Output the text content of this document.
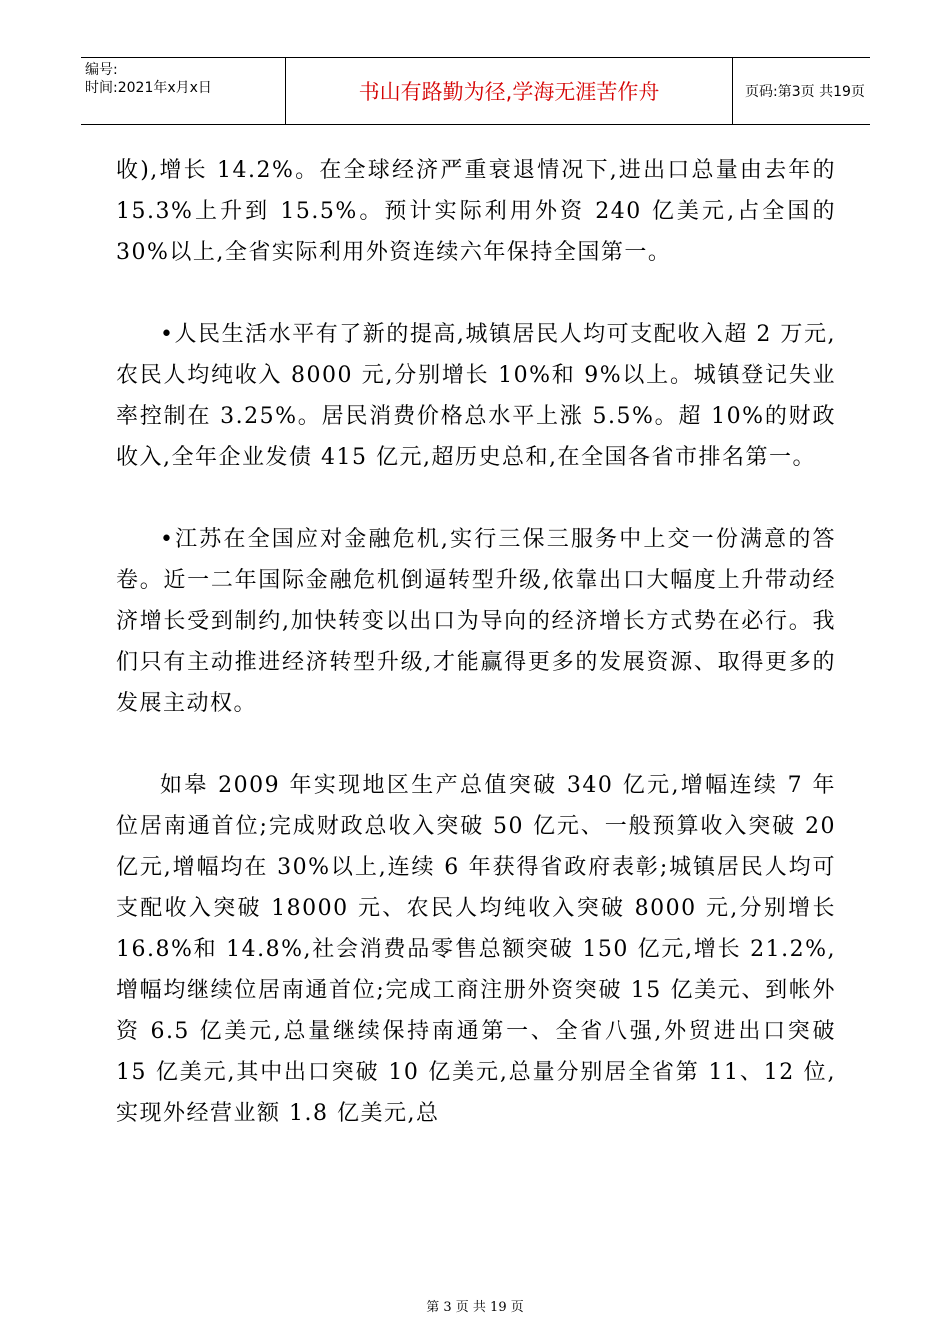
编号:
时间:2021年x月x日	书山有路勤为径,学海无涯苦作舟	页码:第3页 共19页

收),增长 14.2%。在全球经济严重衰退情况下,进出口总量由去年的 15.3%上升到 15.5%。预计实际利用外资 240 亿美元,占全国的 30%以上,全省实际利用外资连续六年保持全国第一。

•人民生活水平有了新的提高,城镇居民人均可支配收入超 2 万元,农民人均纯收入 8000 元,分别增长 10%和 9%以上。城镇登记失业率控制在 3.25%。居民消费价格总水平上涨 5.5%。超 10%的财政收入,全年企业发债 415 亿元,超历史总和,在全国各省市排名第一。

•江苏在全国应对金融危机,实行三保三服务中上交一份满意的答卷。近一二年国际金融危机倒逼转型升级,依靠出口大幅度上升带动经济增长受到制约,加快转变以出口为导向的经济增长方式势在必行。我们只有主动推进经济转型升级,才能赢得更多的发展资源、取得更多的发展主动权。

如皋 2009 年实现地区生产总值突破 340 亿元,增幅连续 7 年位居南通首位;完成财政总收入突破 50 亿元、一般预算收入突破 20 亿元,增幅均在 30%以上,连续 6 年获得省政府表彰;城镇居民人均可支配收入突破 18000 元、农民人均纯收入突破 8000 元,分别增长 16.8%和 14.8%,社会消费品零售总额突破 150 亿元,增长 21.2%,增幅均继续位居南通首位;完成工商注册外资突破 15 亿美元、到帐外资 6.5 亿美元,总量继续保持南通第一、全省八强,外贸进出口突破 15 亿美元,其中出口突破 10 亿美元,总量分别居全省第 11、12 位,实现外经营业额 1.8 亿美元,总

第 3 页 共 19 页
